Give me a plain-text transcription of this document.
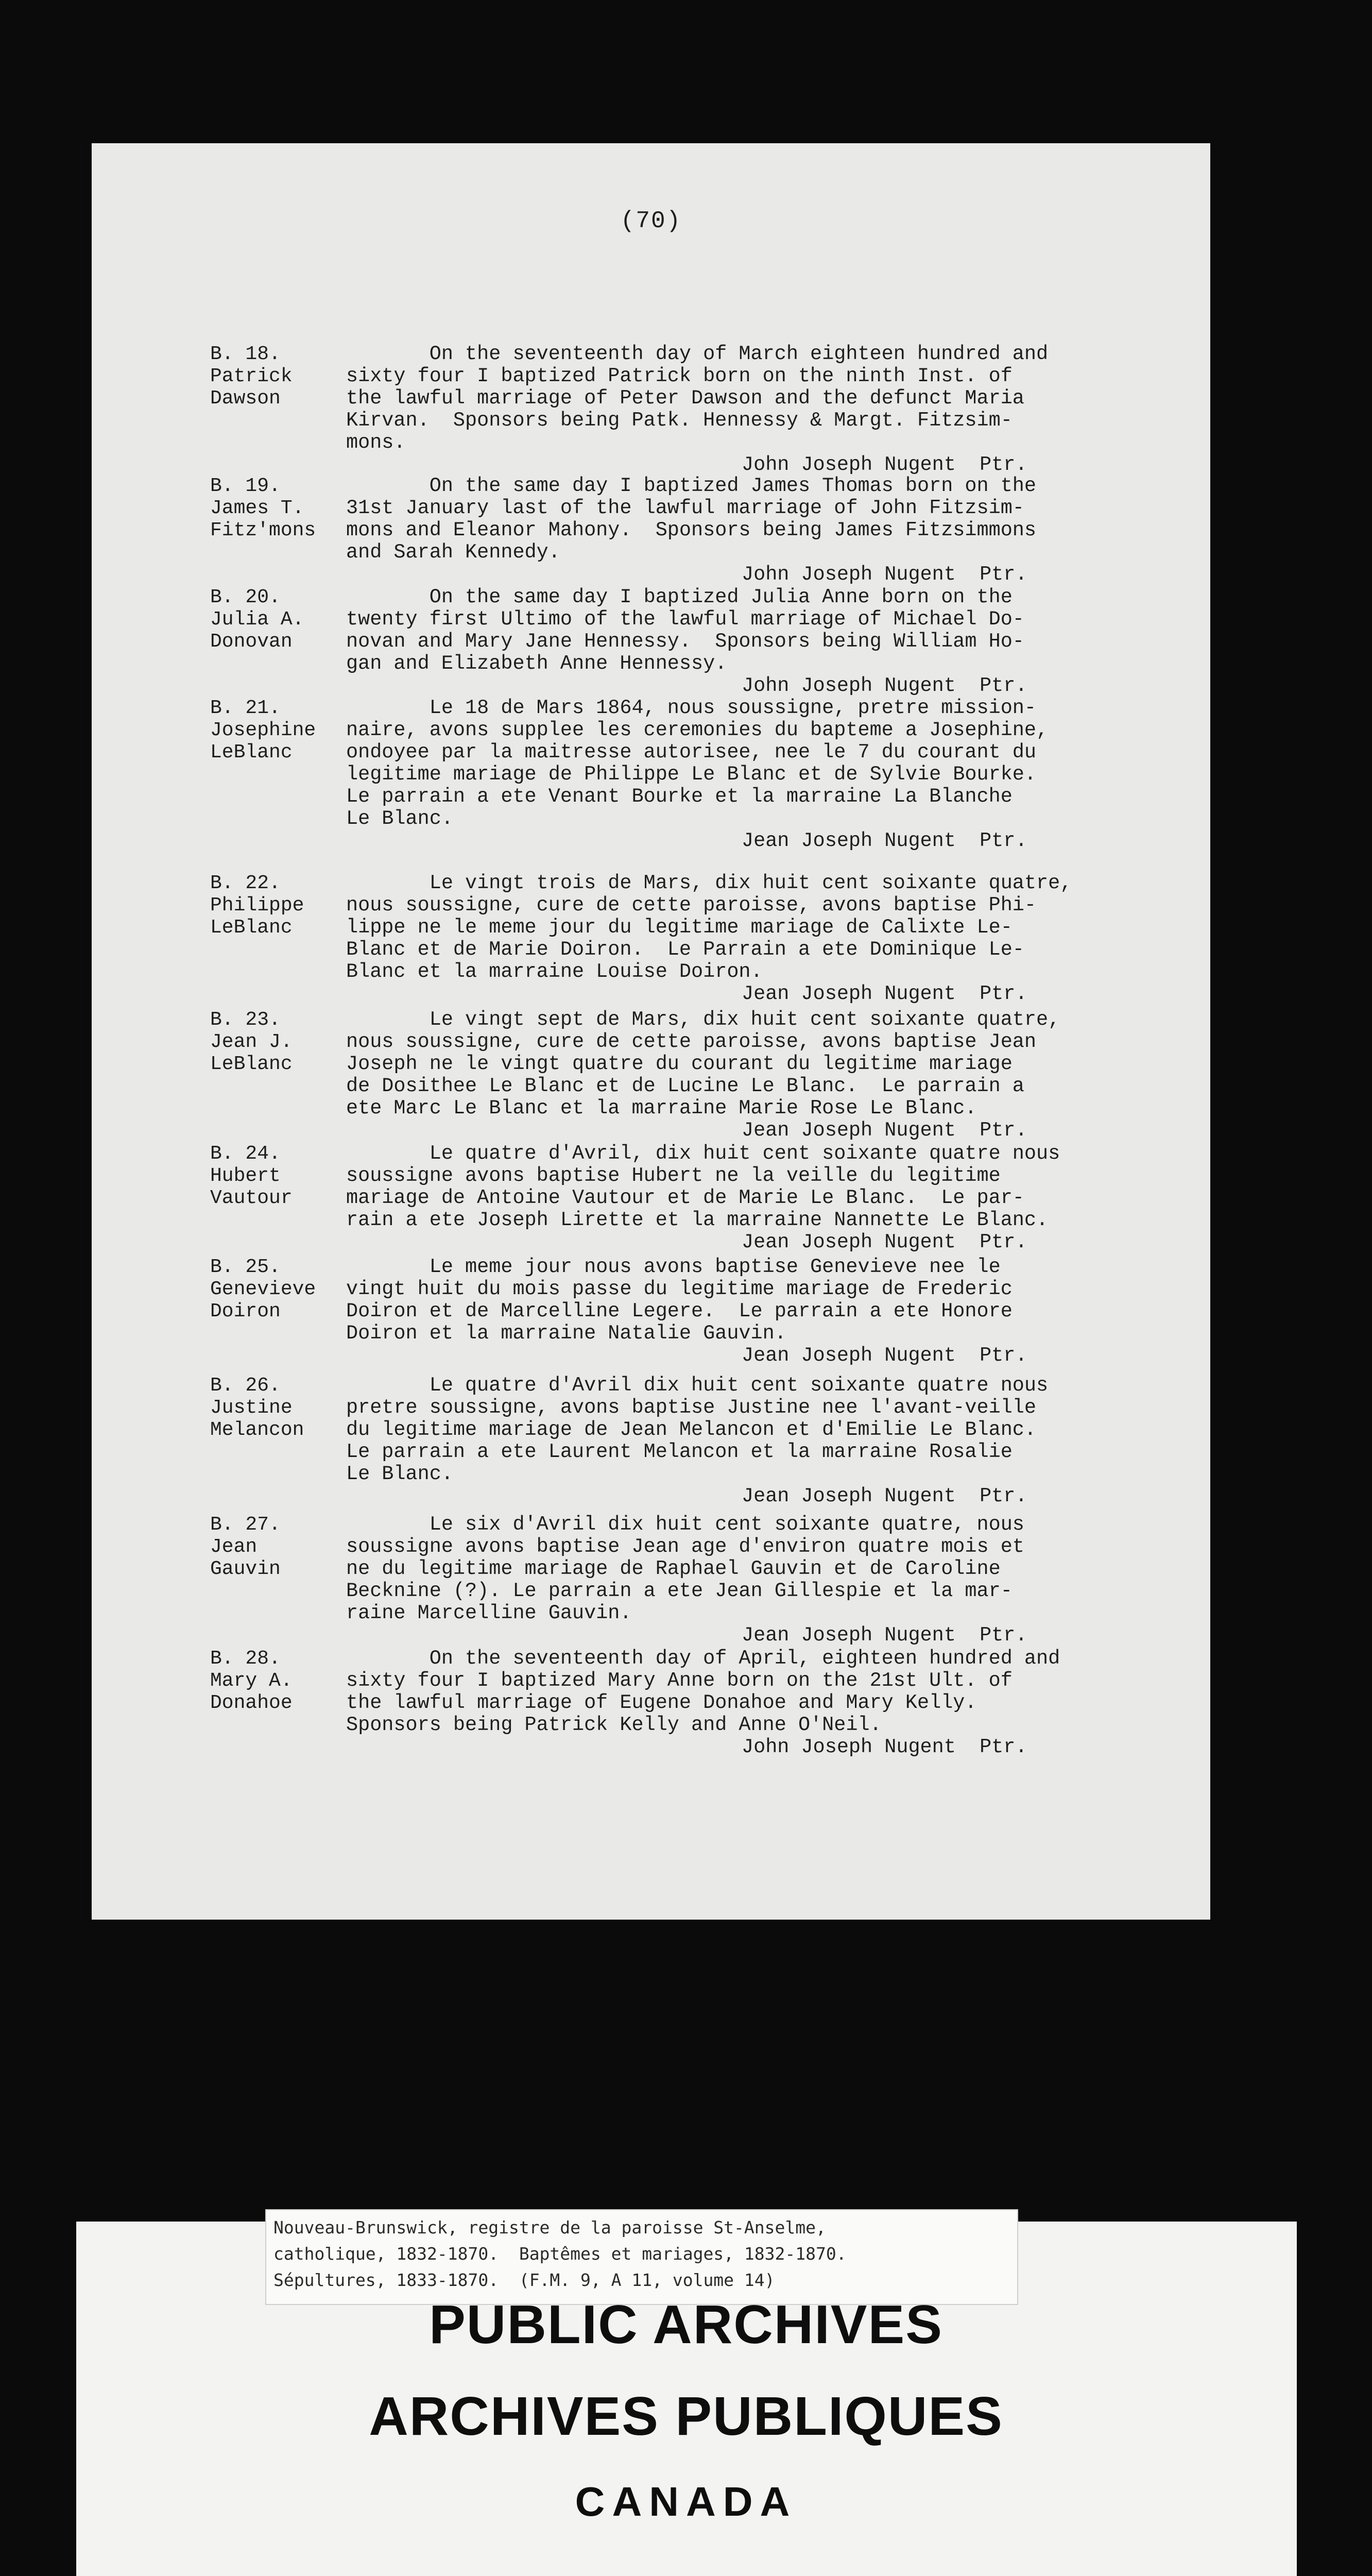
(70)
B. 18.
Patrick
Dawson
On the seventeenth day of March eighteen hundred and
sixty four I baptized Patrick born on the ninth Inst. of
the lawful marriage of Peter Dawson and the defunct Maria
Kirvan.  Sponsors being Patk. Hennessy & Margt. Fitzsim-
mons.
John Joseph Nugent  Ptr.
B. 19.
James T.
Fitz'mons
On the same day I baptized James Thomas born on the
31st January last of the lawful marriage of John Fitzsim-
mons and Eleanor Mahony.  Sponsors being James Fitzsimmons
and Sarah Kennedy.
John Joseph Nugent  Ptr.
B. 20.
Julia A.
Donovan
On the same day I baptized Julia Anne born on the
twenty first Ultimo of the lawful marriage of Michael Do-
novan and Mary Jane Hennessy.  Sponsors being William Ho-
gan and Elizabeth Anne Hennessy.
John Joseph Nugent  Ptr.
B. 21.
Josephine
LeBlanc
Le 18 de Mars 1864, nous soussigne, pretre mission-
naire, avons supplee les ceremonies du bapteme a Josephine,
ondoyee par la maitresse autorisee, nee le 7 du courant du
legitime mariage de Philippe Le Blanc et de Sylvie Bourke.
Le parrain a ete Venant Bourke et la marraine La Blanche
Le Blanc.
Jean Joseph Nugent  Ptr.
B. 22.
Philippe
LeBlanc
Le vingt trois de Mars, dix huit cent soixante quatre,
nous soussigne, cure de cette paroisse, avons baptise Phi-
lippe ne le meme jour du legitime mariage de Calixte Le-
Blanc et de Marie Doiron.  Le Parrain a ete Dominique Le-
Blanc et la marraine Louise Doiron.
Jean Joseph Nugent  Ptr.
B. 23.
Jean J.
LeBlanc
Le vingt sept de Mars, dix huit cent soixante quatre,
nous soussigne, cure de cette paroisse, avons baptise Jean
Joseph ne le vingt quatre du courant du legitime mariage
de Dosithee Le Blanc et de Lucine Le Blanc.  Le parrain a
ete Marc Le Blanc et la marraine Marie Rose Le Blanc.
Jean Joseph Nugent  Ptr.
B. 24.
Hubert
Vautour
Le quatre d'Avril, dix huit cent soixante quatre nous
soussigne avons baptise Hubert ne la veille du legitime
mariage de Antoine Vautour et de Marie Le Blanc.  Le par-
rain a ete Joseph Lirette et la marraine Nannette Le Blanc.
Jean Joseph Nugent  Ptr.
B. 25.
Genevieve
Doiron
Le meme jour nous avons baptise Genevieve nee le
vingt huit du mois passe du legitime mariage de Frederic
Doiron et de Marcelline Legere.  Le parrain a ete Honore
Doiron et la marraine Natalie Gauvin.
Jean Joseph Nugent  Ptr.
B. 26.
Justine
Melancon
Le quatre d'Avril dix huit cent soixante quatre nous
pretre soussigne, avons baptise Justine nee l'avant-veille
du legitime mariage de Jean Melancon et d'Emilie Le Blanc.
Le parrain a ete Laurent Melancon et la marraine Rosalie
Le Blanc.
Jean Joseph Nugent  Ptr.
B. 27.
Jean
Gauvin
Le six d'Avril dix huit cent soixante quatre, nous
soussigne avons baptise Jean age d'environ quatre mois et
ne du legitime mariage de Raphael Gauvin et de Caroline
Becknine (?). Le parrain a ete Jean Gillespie et la mar-
raine Marcelline Gauvin.
Jean Joseph Nugent  Ptr.
B. 28.
Mary A.
Donahoe
On the seventeenth day of April, eighteen hundred and
sixty four I baptized Mary Anne born on the 21st Ult. of
the lawful marriage of Eugene Donahoe and Mary Kelly.
Sponsors being Patrick Kelly and Anne O'Neil.
John Joseph Nugent  Ptr.
Nouveau-Brunswick, registre de la paroisse St-Anselme,
catholique, 1832-1870.  Baptêmes et mariages, 1832-1870.
Sépultures, 1833-1870.  (F.M. 9, A 11, volume 14)
PUBLIC ARCHIVES
ARCHIVES PUBLIQUES
CANADA
